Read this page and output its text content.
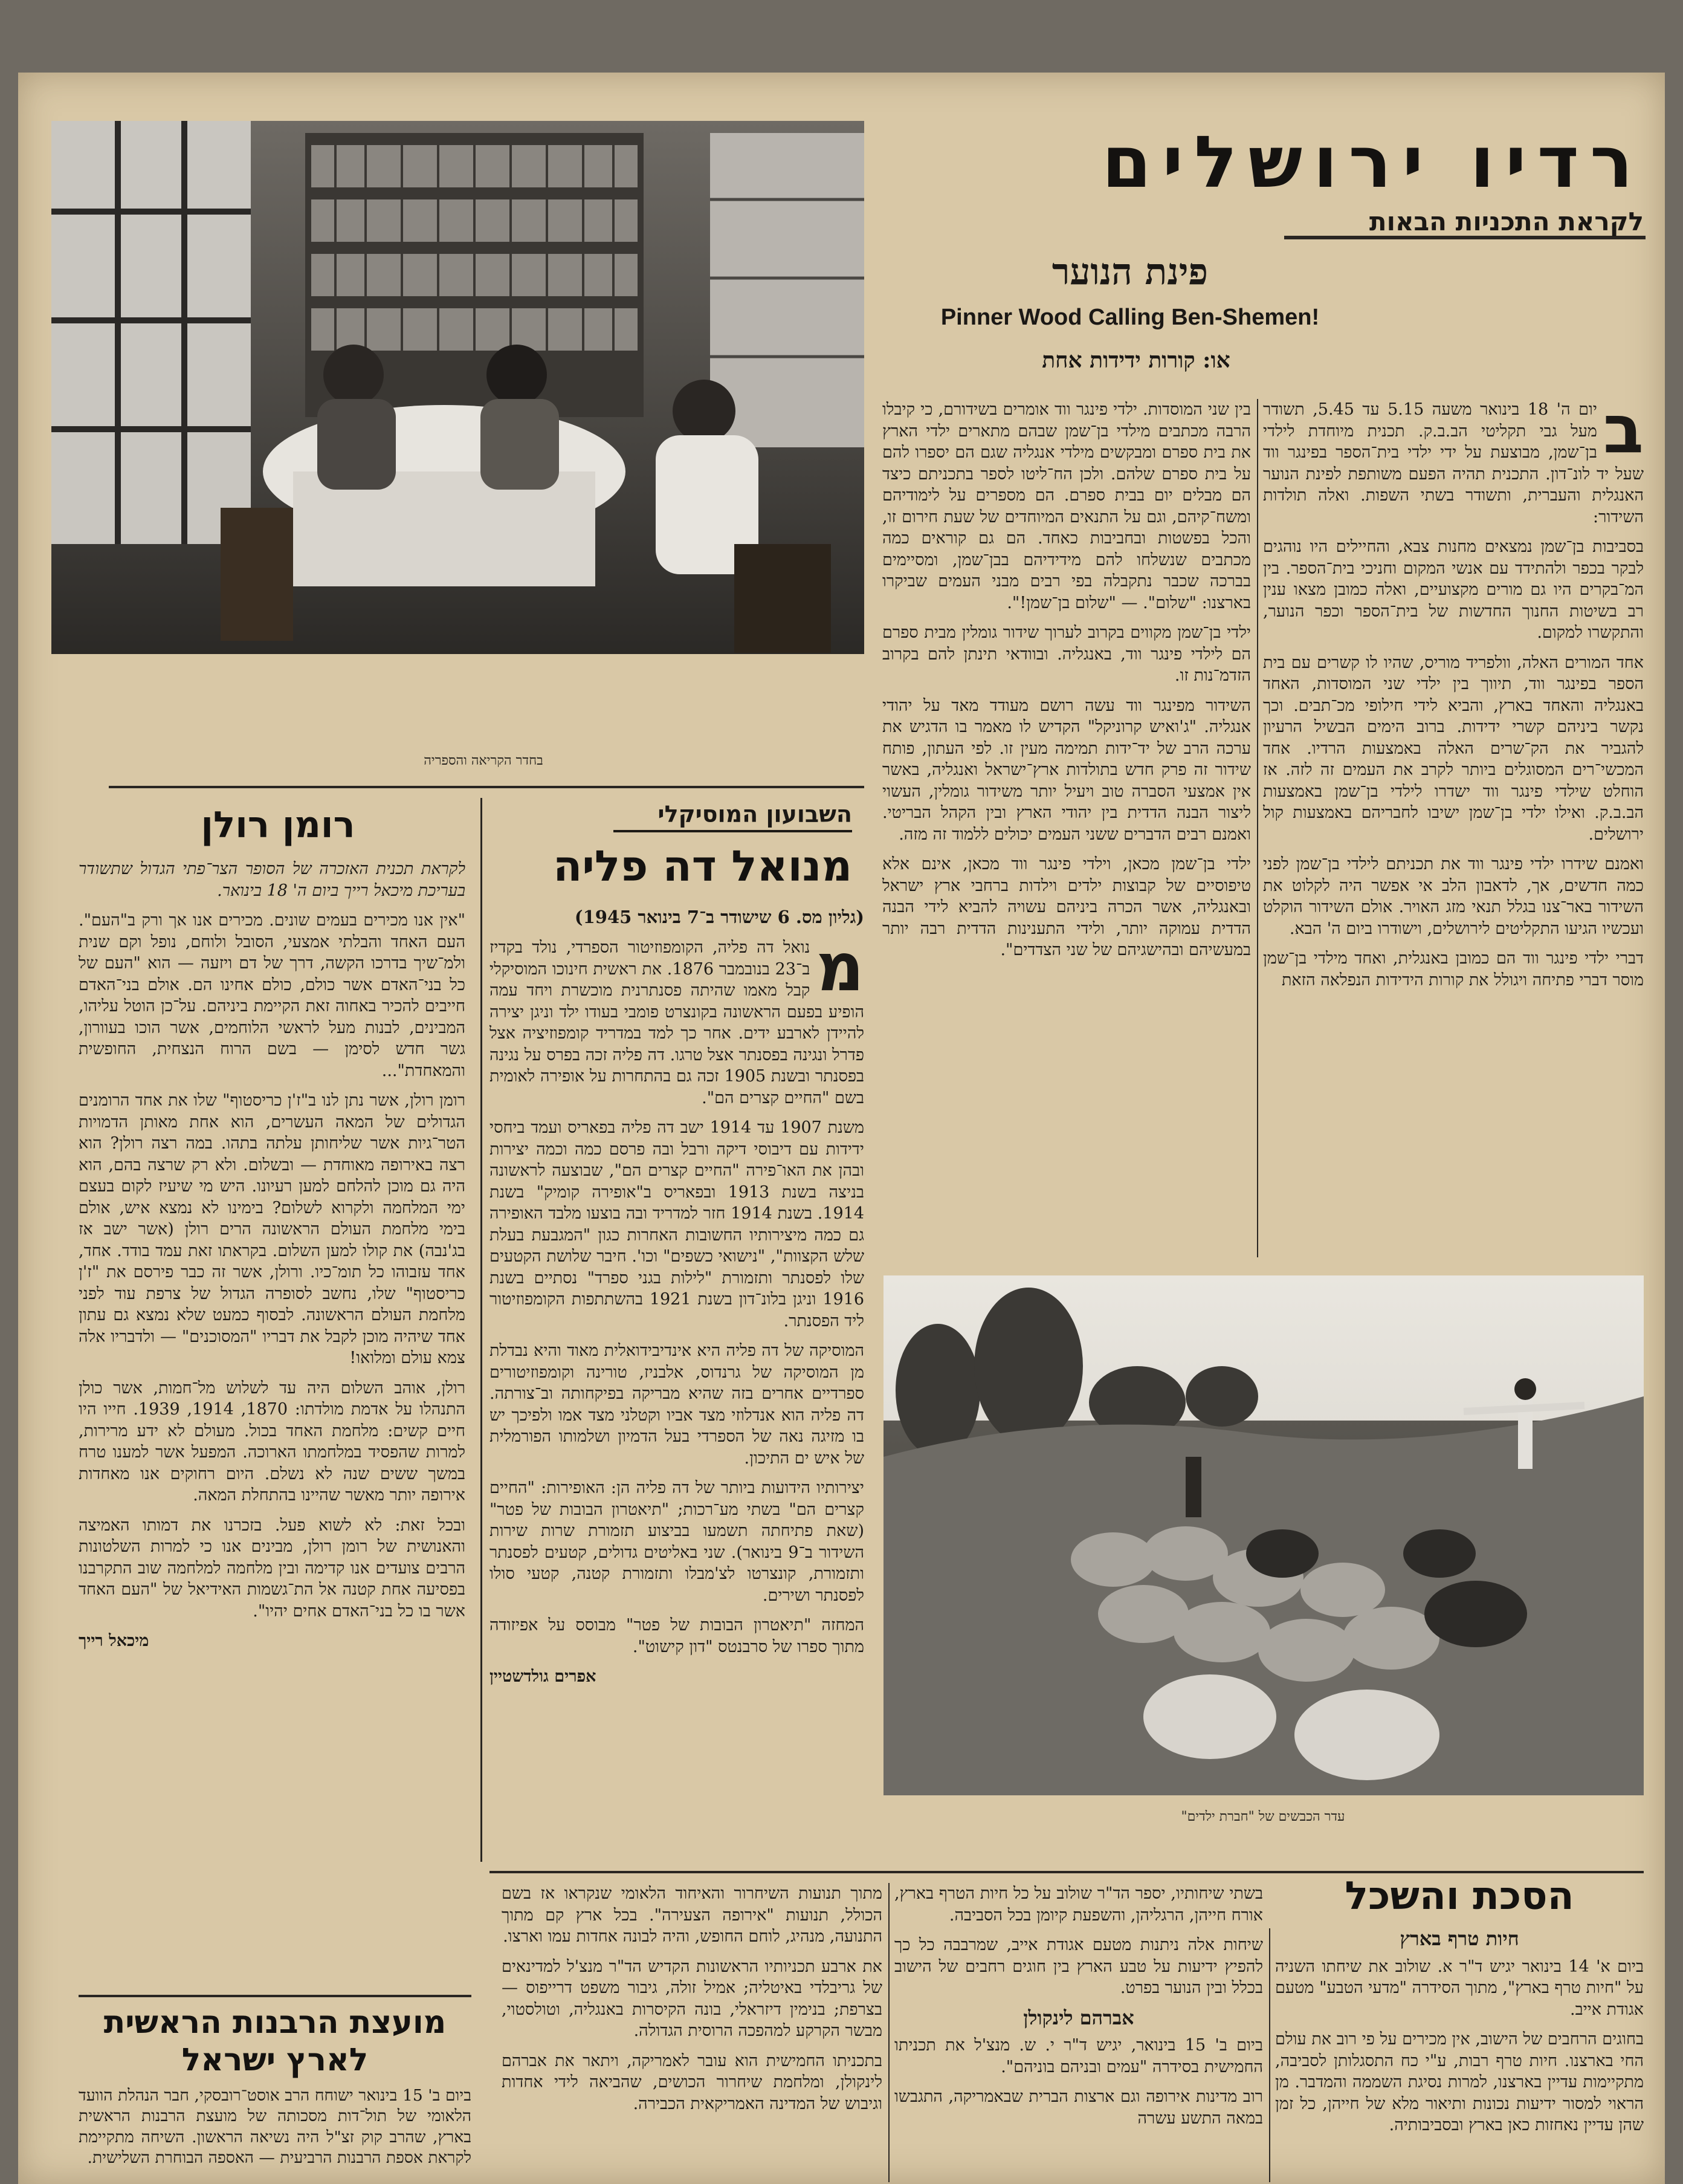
רדיו ירושלים
לקראת התכניות הבאות
פינת הנוער
Pinner Wood Calling Ben-Shemen!
או: קורות ידידות אחת
בחדר הקריאה והספריה
ב

יום ה' 18 בינואר משעה 5.15 עד 5.45, תשודר מעל גבי תקליטי הב.ב.ק. תכנית מיוחדת לילדי בן־שמן, מבוצעת על ידי ילדי בית־הספר בפינגר ווד שעל יד לונ־דון. התכנית תהיה הפעם משותפת לפינת הנוער האנגלית והעברית, ותשודר בשתי השפות. ואלה תולדות השידור:

בסביבות בן־שמן נמצאים מחנות צבא, והחיילים היו נוהגים לבקר בכפר ולהתידד עם אנשי המקום וחניכי בית־הספר. בין המ־בקרים היו גם מורים מקצועיים, ואלה כמובן מצאו ענין רב בשיטות החנוך החדשות של בית־הספר וכפר הנוער, והתקשרו למקום.

אחד המורים האלה, וולפריד מוריס, שהיו לו קשרים עם בית הספר בפינגר ווד, תיווך בין ילדי שני המוסדות, האחד באנגליה והאחד בארץ, והביא לידי חילופי מכ־תבים. וכך נקשר ביניהם קשרי ידידות. ברוב הימים הבשיל הרעיון להגביר את הק־שרים האלה באמצעות הרדיו. אחד המכשי־רים המסוגלים ביותר לקרב את העמים זה לזה. אז הוחלט שילדי פינגר ווד ישדרו לילדי בן־שמן באמצעות הב.ב.ק. ואילו ילדי בן־שמן ישיבו לחבריהם באמצעות קול ירושלים.

ואמנם שידרו ילדי פינגר ווד את תכניתם לילדי בן־שמן לפני כמה חדשים, אך, לדאבון הלב אי אפשר היה לקלוט את השידור באר־צנו בגלל תנאי מזג האויר. אולם השידור הוקלט ועכשיו הגיעו התקליטים לירושלים, וישודרו ביום ה' הבא.

דברי ילדי פינגר ווד הם כמובן באנגלית, ואחד מילדי בן־שמן מוסר דברי פתיחה ויגולל את קורות הידידות הנפלאה הזאת

בין שני המוסדות. ילדי פינגר ווד אומרים בשידורם, כי קיבלו הרבה מכתבים מילדי בן־שמן שבהם מתארים ילדי הארץ את בית ספרם ומבקשים מילדי אנגליה שגם הם יספרו להם על בית ספרם שלהם. ולכן הח־ליטו לספר בתכניתם כיצד הם מבלים יום בבית ספרם. הם מספרים על לימודיהם ומשח־קיהם, וגם על התנאים המיוחדים של שעת חירום זו, והכל בפשטות ובחביבות כאחד. הם גם קוראים כמה מכתבים שנשלחו להם מידידיהם בבן־שמן, ומסיימים בברכה שכבר נתקבלה בפי רבים מבני העמים שביקרו בארצנו: "שלום". — "שלום בן־שמן!".

ילדי בן־שמן מקווים בקרוב לערוך שידור גומלין מבית ספרם הם לילדי פינגר ווד, באנגליה. ובוודאי תינתן להם בקרוב הזדמ־נות זו.

השידור מפינגר ווד עשה רושם מעודד מאד על יהודי אנגליה. "ג'ואיש קרוניקל" הקדיש לו מאמר בו הדגיש את ערכה הרב של יד־ידות תמימה מעין זו. לפי העתון, פותח שידור זה פרק חדש בתולדות ארץ־ישראל ואנגליה, באשר אין אמצעי הסברה טוב ויעיל יותר משידור גומלין, העשוי ליצור הבנה הדדית בין יהודי הארץ ובין הקהל הבריטי. ואמנם רבים הדברים ששני העמים יכולים ללמוד זה מזה.

ילדי בן־שמן מכאן, וילדי פינגר ווד מכאן, אינם אלא טיפוסיים של קבוצות ילדים וילדות ברחבי ארץ ישראל ובאנגליה, אשר הכרה ביניהם עשויה להביא לידי הבנה הדדית עמוקה יותר, ולידי התענינות הדדית רבה יותר במעשיהם ובהישגיהם של שני הצדדים".

עדר הכבשים של "חברת ילדים"
השבועון המוסיקלי
מנואל דה פליה
(גליון מס. 6 שישודר ב־7 בינואר 1945)
מ

נואל דה פליה, הקומפוזיטור הספרדי, נולד בקדיז ב־23 בנובמבר 1876. את ראשית חינוכו המוסיקלי קבל מאמו שהיתה פסנתרנית מוכשרת ויחד עמה הופיע בפעם הראשונה בקונצרט פומבי בעודו ילד וניגן יצירה להיידן לארבע ידים. אחר כך למד במדריד קומפוזיציה אצל פדרל ונגינה בפסנתר אצל טרגו. דה פליה זכה בפרס על נגינה בפסנתר ובשנת 1905 זכה גם בהתחרות על אופירה לאומית בשם "החיים קצרים הם".

משנת 1907 עד 1914 ישב דה פליה בפאריס ועמד ביחסי ידידות עם דיבוסי דיקה ורבל ובה פרסם כמה וכמה יצירות ובהן את האו־פירה "החיים קצרים הם", שבוצעה לראשונה בניצה בשנת 1913 ובפאריס ב"אופירה קומיק" בשנת 1914. בשנת 1914 חזר למדריד ובה בוצעו מלבד האופירה גם כמה מיצירותיו החשובות האחרות כגון "המגבעת בעלת שלש הקצוות", "נישואי כשפים" וכו'. חיבר שלושת הקטעים שלו לפסנתר ותזמורת "לילות בגני ספרד" נסתיים בשנת 1916 וניגן בלונ־דון בשנת 1921 בהשתתפות הקומפוזיטור ליד הפסנתר.

המוסיקה של דה פליה היא אינדיבידואלית מאוד והיא נבדלת מן המוסיקה של גרנדוס, אלבניז, טורינה וקומפוזיטורים ספרדיים אחרים בזה שהיא מבריקה בפיקחותה וב־צורתה. דה פליה הוא אנדלוזי מצד אביו וקטלני מצד אמו ולפיכך יש בו מזיגה נאה של הספרדי בעל הדמיון ושלמותו הפורמלית של איש ים התיכון.

יצירותיו הידועות ביותר של דה פליה הן: האופירות: "החיים קצרים הם" בשתי מע־רכות; "תיאטרון הבובות של פטר" (שאת פתיחתה תשמעו בביצוע תזמורת שרות שירות השידור ב־9 בינואר). שני באליטים גדולים, קטעים לפסנתר ותזמורת, קונצרטו לצ'מבלו ותזמורת קטנה, קטעי סולו לפסנתר ושירים.

המחזה "תיאטרון הבובות של פטר" מבוסס על אפיזודה מתוך ספרו של סרבנטס "דון קישוט".

אפרים גולדשטיין
רומן רולן

לקראת תכנית האזכרה של הסופר הצר־פתי הגדול שתשודר בעריכת מיכאל רייך ביום ה' 18 בינואר.

"אין אנו מכירים בעמים שונים. מכירים אנו אך ורק ב"העם". העם האחד והבלתי אמצעי, הסובל ולוחם, נופל וקם שנית ולמ־שיך בדרכו הקשה, דרך של דם ויזעה — הוא "העם של כל בני־האדם אשר כולם, כולם אחינו הם. אולם בני־האדם חייבים להכיר באחוה זאת הקיימת ביניהם. על־כן הוטל עליהו, המבינים, לבנות מעל לראשי הלוחמים, אשר הוכו בעוורון, גשר חדש לסימן — בשם הרוח הנצחית, החופשית והמאחדת"...

רומן רולן, אשר נתן לנו ב"ז'ן כריסטוף" שלו את אחד הרומנים הגדולים של המאה העשרים, הוא אחת מאותן הדמויות הטר־גיות אשר שליחותן עלתה בתהו. במה רצה רולן? הוא רצה באירופה מאוחדת — ובשלום. ולא רק שרצה בהם, הוא היה גם מוכן להלחם למען רעיונו. היש מי שיעיז לקום בעצם ימי המלחמה ולקרוא לשלום? בימינו לא נמצא איש, אולם בימי מלחמת העולם הראשונה הרים רולן (אשר ישב אז בג'נבה) את קולו למען השלום. בקראתו זאת עמד בודד. אחד, אחד עזבוהו כל תומ־כיו. ורולן, אשר זה כבר פירסם את "ז'ן כריסטוף" שלו, נחשב לסופרה הגדול של צרפת עוד לפני מלחמת העולם הראשונה. לבסוף כמעט שלא נמצא גם עתון אחד שיהיה מוכן לקבל את דבריו "המסוכנים" — ולדבריו אלה צמא עולם ומלואו!

רולן, אוהב השלום היה עד לשלוש מל־חמות, אשר כולן התנהלו על אדמת מולדתו: 1870, 1914, 1939. חייו היו חיים קשים: מלחמת האחד בכול. מעולם לא ידע מרירות, למרות שהפסיד במלחמתו הארוכה. המפעל אשר למענו טרח במשך ששים שנה לא נשלם. היום רחוקים אנו מאחדות אירופה יותר מאשר שהיינו בהתחלת המאה.

ובכל זאת: לא לשוא פעל. בזכרנו את דמותו האמיצה והאנושית של רומן רולן, מבינים אנו כי למרות השלטונות הרבים צועדים אנו קדימה ובין מלחמה למלחמה שוב התקרבנו בפסיעה אחת קטנה אל הת־גשמות האידיאל של "העם האחד אשר בו כל בני־האדם אחים יהיו".

מיכאל רייך
מועצת הרבנות הראשית לארץ ישראל

ביום ב' 15 בינואר ישוחח הרב אוסט־רובסקי, חבר הנהלת הוועד הלאומי של תול־דות מסכותה של מועצת הרבנות הראשית בארץ, שהרב קוק זצ"ל היה נשיאה הראשון. השיחה מתקיימת לקראת אספת הרבנות הרביעית — האספה הבוחרת השלישית.

הסכת והשכל
חיות טרף בארץ

ביום א' 14 בינואר יגיש ד"ר א. שולוב את שיחתו השניה על "חיות טרף בארץ", מתוך הסידרה "מדעי הטבע" מטעם אגודת אייב.

בחוגים הרחבים של הישוב, אין מכירים על פי רוב את עולם החי בארצנו. חיות טרף רבות, ע"י כח התסגלותן לסביבה, מתקיימות עדיין בארצנו, למרות נסיגת השממה והמדבר. מן הראוי למסור ידיעות נכונות ותיאור מלא של חייהן, כל זמן שהן עדיין נאחזות כאן בארץ ובסביבותיה.

בשתי שיחותיו, יספר הד"ר שולוב על כל חיות הטרף בארץ, אורח חייהן, הרגליהן, והשפעת קיומן בכל הסביבה.

שיחות אלה ניתנות מטעם אגודת אייב, שמרבבה כל כך להפיץ ידיעות על טבע הארץ בין חוגים רחבים של הישוב בכלל ובין הנוער בפרט.

אברהם לינקולן

ביום ב' 15 בינואר, יגיש ד"ר י. ש. מנצ'ל את תכניתו החמישית בסידרה "עמים ובניהם בוניהם".

רוב מדינות אירופה וגם ארצות הברית שבאמריקה, התגבשו במאה התשע עשרה

מתוך תנועות השיחרור והאיחוד הלאומי שנקראו אז בשם הכולל, תנועות "אירופה הצעירה". בכל ארץ קם מתוך התנועה, מנהיג, לוחם החופש, והיה לבונה אחדות עמו וארצו.

את ארבע תכניותיו הראשונות הקדיש הד"ר מנצ'ל למדינאים של גריבלדי באיטליה; אמיל זולה, גיבור משפט דרייפוס — בצרפת; בנימין דיזראלי, בונה הקיסרות באנגליה, וטולסטוי, מבשר הקרקע למהפכה הרוסית הגדולה.

בתכניתו החמישית הוא עובר לאמריקה, ויתאר את אברהם לינקולן, ומלחמת שיחרור הכושים, שהביאה לידי אחדות וגיבוש של המדינה האמריקאית הכבירה.
